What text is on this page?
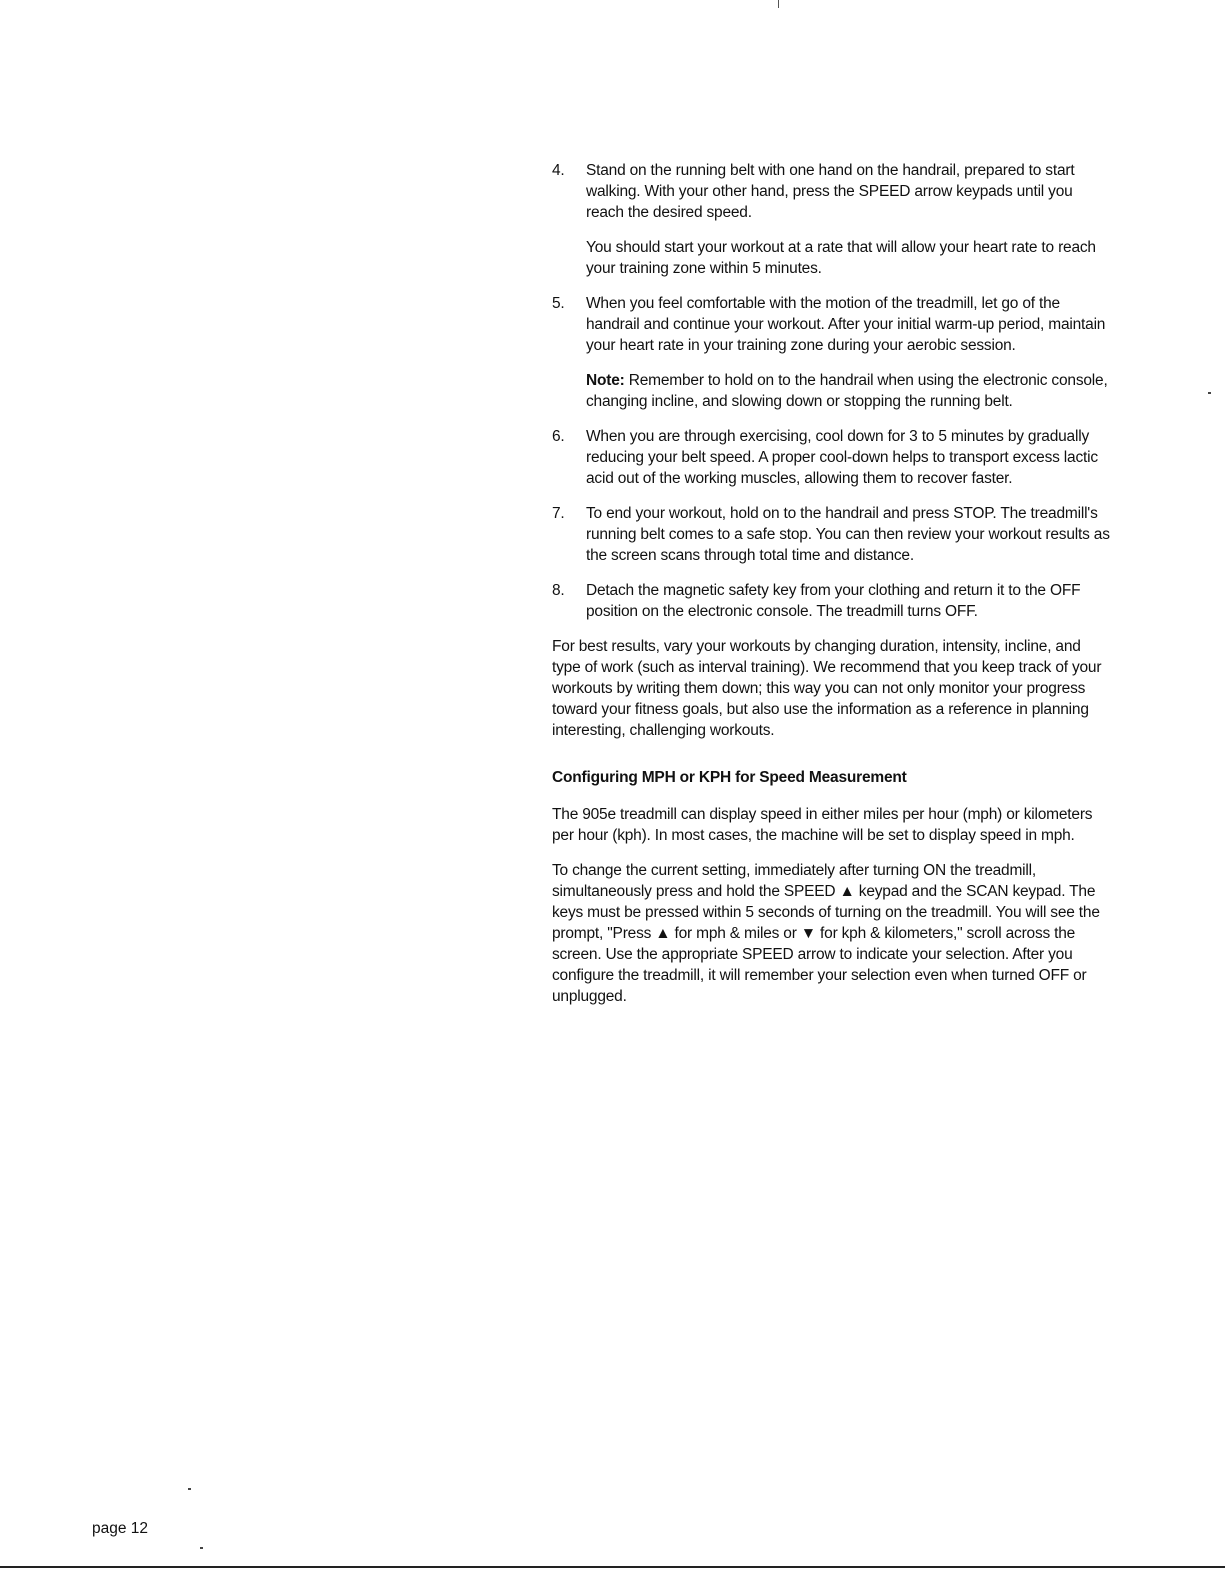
4.	Stand on the running belt with one hand on the handrail, prepared to start walking. With your other hand, press the SPEED arrow keypads until you reach the desired speed.

You should start your workout at a rate that will allow your heart rate to reach your training zone within 5 minutes.

5.	When you feel comfortable with the motion of the treadmill, let go of the handrail and continue your workout. After your initial warm-up period, maintain your heart rate in your training zone during your aerobic session.

Note: Remember to hold on to the handrail when using the electronic console, changing incline, and slowing down or stopping the running belt.

6.	When you are through exercising, cool down for 3 to 5 minutes by gradually reducing your belt speed. A proper cool-down helps to transport excess lactic acid out of the working muscles, allowing them to recover faster.

7.	To end your workout, hold on to the handrail and press STOP. The treadmill's running belt comes to a safe stop. You can then review your workout results as the screen scans through total time and distance.

8.	Detach the magnetic safety key from your clothing and return it to the OFF position on the electronic console. The treadmill turns OFF.

For best results, vary your workouts by changing duration, intensity, incline, and type of work (such as interval training). We recommend that you keep track of your workouts by writing them down; this way you can not only monitor your progress toward your fitness goals, but also use the information as a reference in planning interesting, challenging workouts.

Configuring MPH or KPH for Speed Measurement

The 905e treadmill can display speed in either miles per hour (mph) or kilometers per hour (kph). In most cases, the machine will be set to display speed in mph.

To change the current setting, immediately after turning ON the treadmill, simultaneously press and hold the SPEED ▲ keypad and the SCAN keypad. The keys must be pressed within 5 seconds of turning on the treadmill. You will see the prompt, "Press ▲ for mph & miles or ▼ for kph & kilometers," scroll across the screen. Use the appropriate SPEED arrow to indicate your selection. After you configure the treadmill, it will remember your selection even when turned OFF or unplugged.

page 12
